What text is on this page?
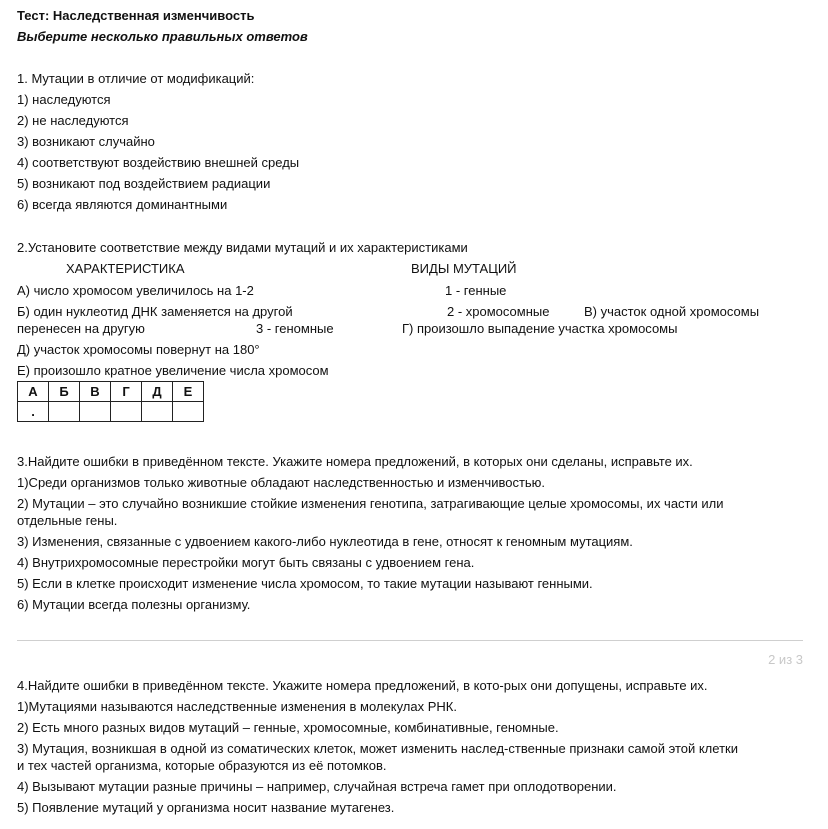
Тест: Наследственная изменчивость
Выберите несколько правильных ответов
1. Мутации в отличие от модификаций:
1) наследуются
2) не наследуются
3) возникают случайно
4) соответствуют воздействию внешней среды
5) возникают под воздействием радиации
6) всегда являются доминантными
2.Установите соответствие между видами мутаций и их характеристиками
ХАРАКТЕРИСТИКА	ВИДЫ МУТАЦИЙ
А) число хромосом увеличилось на 1-2	1 - генные
Б) один нуклеотид ДНК заменяется на другой	2 - хромосомные	В) участок одной хромосомы
перенесен на другую	3 - геномные	Г) произошло выпадение участка хромосомы
Д) участок хромосомы повернут на 180°
Е) произошло кратное увеличение числа хромосом
А	Б	В	Г	Д	Е
.					
3.Найдите ошибки в приведённом тексте. Укажите номера предложений, в которых они сделаны, исправьте их.
1)Среди организмов только животные обладают наследственностью и изменчивостью.
2) Мутации – это случайно возникшие стойкие изменения генотипа, затрагивающие целые хромосомы, их части или
отдельные гены.
3) Изменения, связанные с удвоением какого-либо нуклеотида в гене, относят к геномным мутациям.
4) Внутрихромосомные перестройки могут быть связаны с удвоением гена.
5) Если в клетке происходит изменение числа хромосом, то такие мутации называют генными.
6) Мутации всегда полезны организму.
2 из 3
4.Найдите ошибки в приведённом тексте. Укажите номера предложений, в кото-рых они допущены, исправьте их.
1)Мутациями называются наследственные изменения в молекулах РНК.
2) Есть много разных видов мутаций – генные, хромосомные, комбинативные, геномные.
3) Мутация, возникшая в одной из соматических клеток, может изменить наслед-ственные признаки самой этой клетки
и тех частей организма, которые образуются из её потомков.
4) Вызывают мутации разные причины – например, случайная встреча гамет при оплодотворении.
5) Появление мутаций у организма носит название мутагенез.
